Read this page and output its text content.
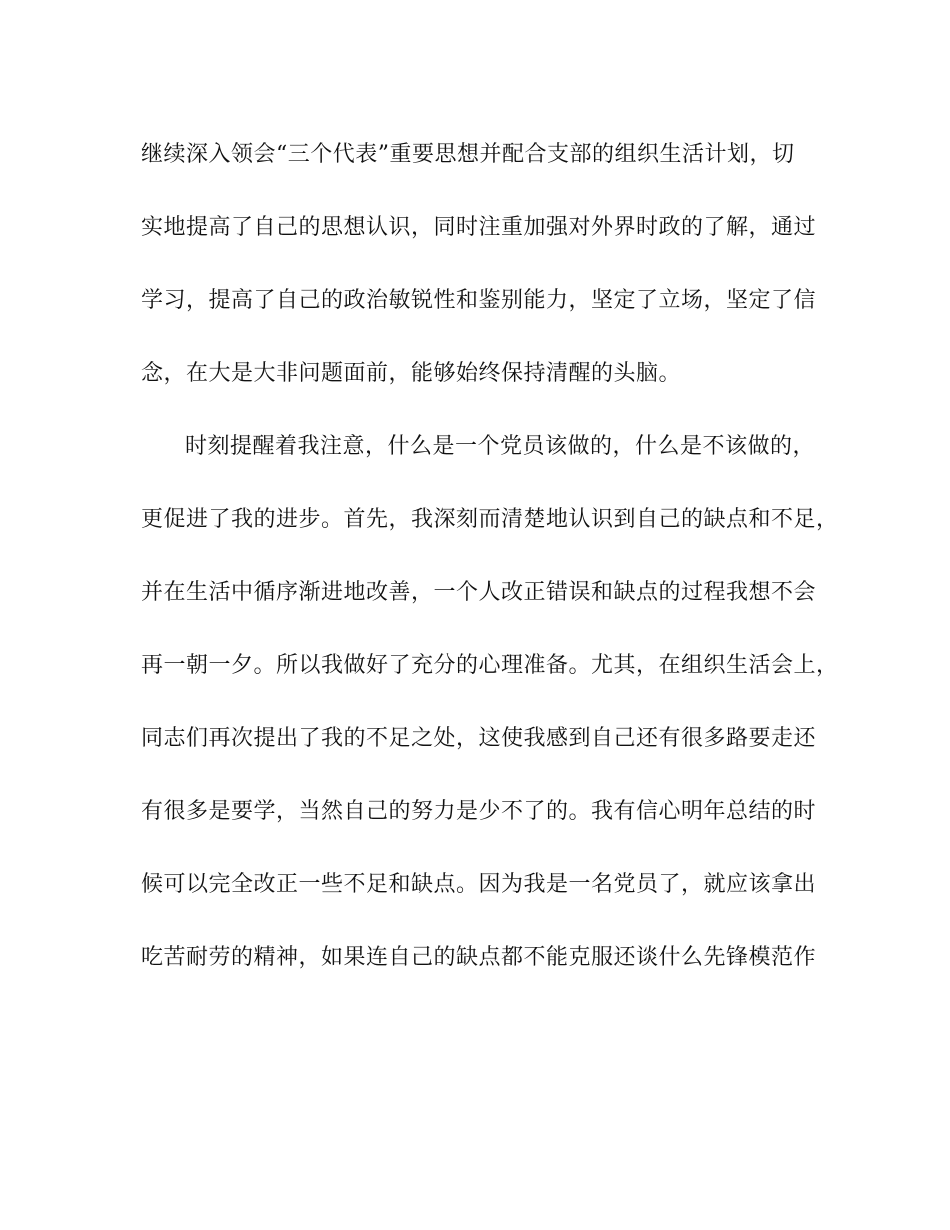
继续深入领会“三个代表”重要思想并配合支部的组织生活计划，切
实地提高了自己的思想认识，同时注重加强对外界时政的了解，通过
学习，提高了自己的政治敏锐性和鉴别能力，坚定了立场，坚定了信
念，在大是大非问题面前，能够始终保持清醒的头脑。
时刻提醒着我注意，什么是一个党员该做的，什么是不该做的，
更促进了我的进步。首先，我深刻而清楚地认识到自己的缺点和不足，
并在生活中循序渐进地改善，一个人改正错误和缺点的过程我想不会
再一朝一夕。所以我做好了充分的心理准备。尤其，在组织生活会上，
同志们再次提出了我的不足之处，这使我感到自己还有很多路要走还
有很多是要学，当然自己的努力是少不了的。我有信心明年总结的时
候可以完全改正一些不足和缺点。因为我是一名党员了，就应该拿出
吃苦耐劳的精神，如果连自己的缺点都不能克服还谈什么先锋模范作
